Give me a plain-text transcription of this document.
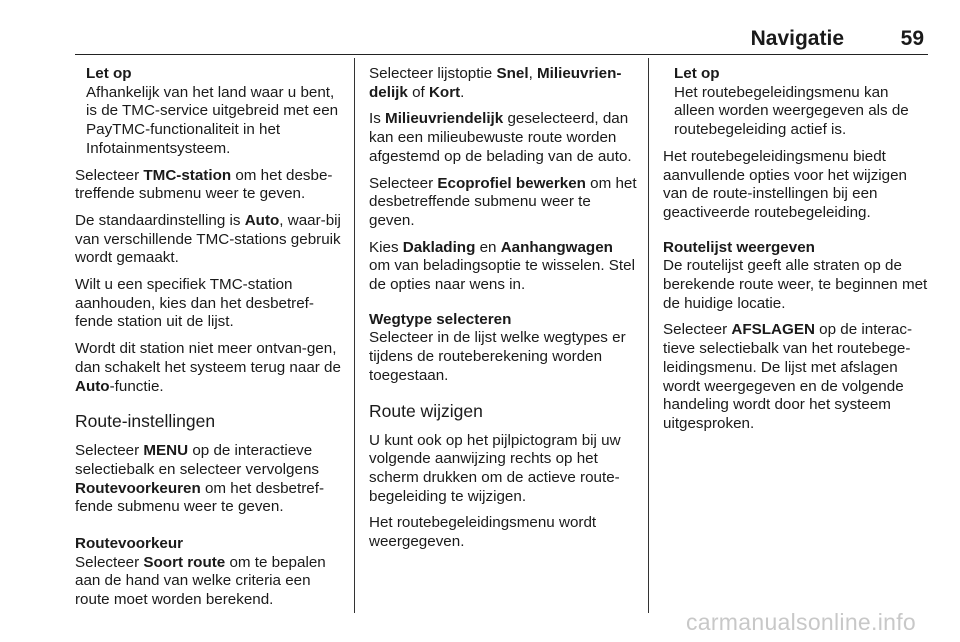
Navigatie	59
Let op
Afhankelijk van het land waar u bent, is de TMC-service uitgebreid met een PayTMC-functionaliteit in het Infotainmentsysteem.

Selecteer TMC-station om het desbe-treffende submenu weer te geven.

De standaardinstelling is Auto, waar-bij van verschillende TMC-stations gebruik wordt gemaakt.

Wilt u een specifiek TMC-station aanhouden, kies dan het desbetref-fende station uit de lijst.

Wordt dit station niet meer ontvan-gen, dan schakelt het systeem terug naar de Auto-functie.

Route-instellingen

Selecteer MENU op de interactieve selectiebalk en selecteer vervolgens Routevoorkeuren om het desbetref-fende submenu weer te geven.

Routevoorkeur

Selecteer Soort route om te bepalen aan de hand van welke criteria een route moet worden berekend.

Selecteer lijstoptie Snel, Milieuvrien-delijk of Kort.

Is Milieuvriendelijk geselecteerd, dan kan een milieubewuste route worden afgestemd op de belading van de auto.

Selecteer Ecoprofiel bewerken om het desbetreffende submenu weer te geven.

Kies Daklading en Aanhangwagen om van beladingsoptie te wisselen. Stel de opties naar wens in.

Wegtype selecteren

Selecteer in de lijst welke wegtypes er tijdens de routeberekening worden toegestaan.

Route wijzigen

U kunt ook op het pijlpictogram bij uw volgende aanwijzing rechts op het scherm drukken om de actieve route-begeleiding te wijzigen.

Het routebegeleidingsmenu wordt weergegeven.

Let op
Het routebegeleidingsmenu kan alleen worden weergegeven als de routebegeleiding actief is.

Het routebegeleidingsmenu biedt aanvullende opties voor het wijzigen van de route-instellingen bij een geactiveerde routebegeleiding.

Routelijst weergeven

De routelijst geeft alle straten op de berekende route weer, te beginnen met de huidige locatie.

Selecteer AFSLAGEN op de interac-tieve selectiebalk van het routebege-leidingsmenu. De lijst met afslagen wordt weergegeven en de volgende handeling wordt door het systeem uitgesproken.

carmanualsonline.info
